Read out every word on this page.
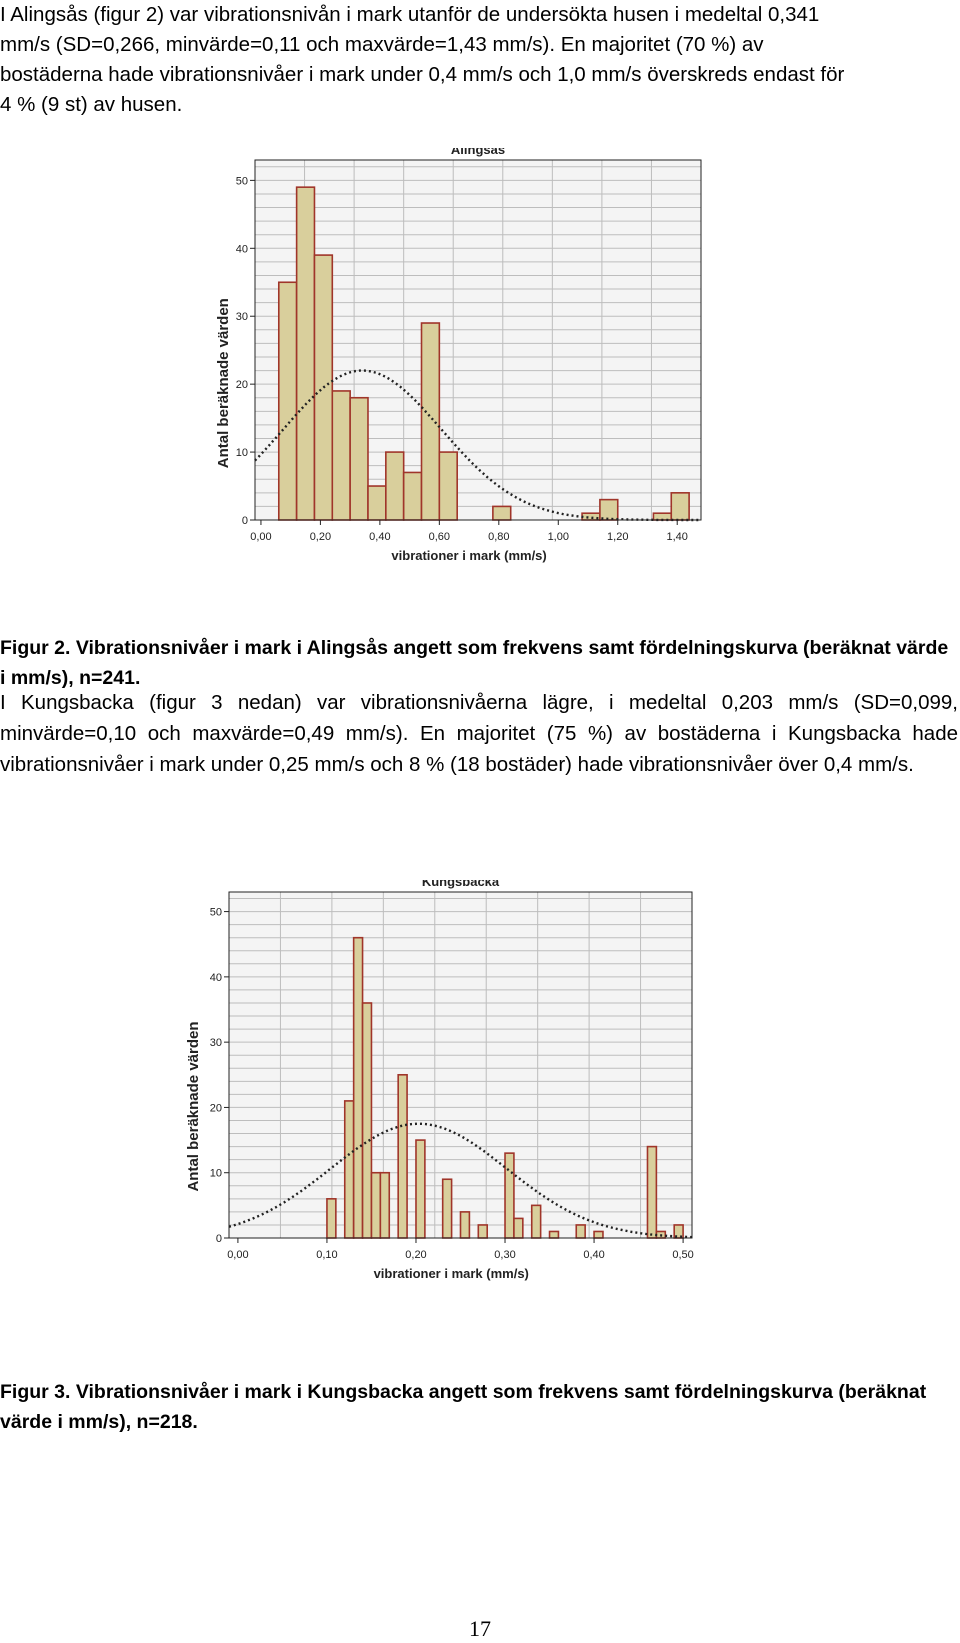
I Alingsås (figur 2) var vibrationsnivån i mark utanför de undersökta husen i medeltal 0,341
mm/s (SD=0,266, minvärde=0,11 och maxvärde=1,43 mm/s). En majoritet (70 %) av
bostäderna hade vibrationsnivåer i mark under 0,4 mm/s och 1,0 mm/s överskreds endast för
4 % (9 st) av husen.
0
10
20
30
40
50
0,00	0,20	0,40	0,60	0,80	1,00	1,20	1,40
Alingsås
vibrationer i mark (mm/s)
Antal beräknade värden

Figur 2. Vibrationsnivåer i mark i Alingsås angett som frekvens samt fördelningskurva (beräknat värde i mm/s), n=241.

I Kungsbacka (figur 3 nedan) var vibrationsnivåerna lägre, i medeltal 0,203 mm/s (SD=0,099, minvärde=0,10 och maxvärde=0,49 mm/s). En majoritet (75 %) av bostäderna i Kungsbacka hade vibrationsnivåer i mark under 0,25 mm/s och 8 % (18 bostäder) hade vibrationsnivåer över 0,4 mm/s.

0
10
20
30
40
50
0,00	0,10	0,20	0,30	0,40	0,50
Kungsbacka
vibrationer i mark (mm/s)
Antal beräknade värden

Figur 3. Vibrationsnivåer i mark i Kungsbacka angett som frekvens samt fördelningskurva (beräknat värde i mm/s), n=218.

17
